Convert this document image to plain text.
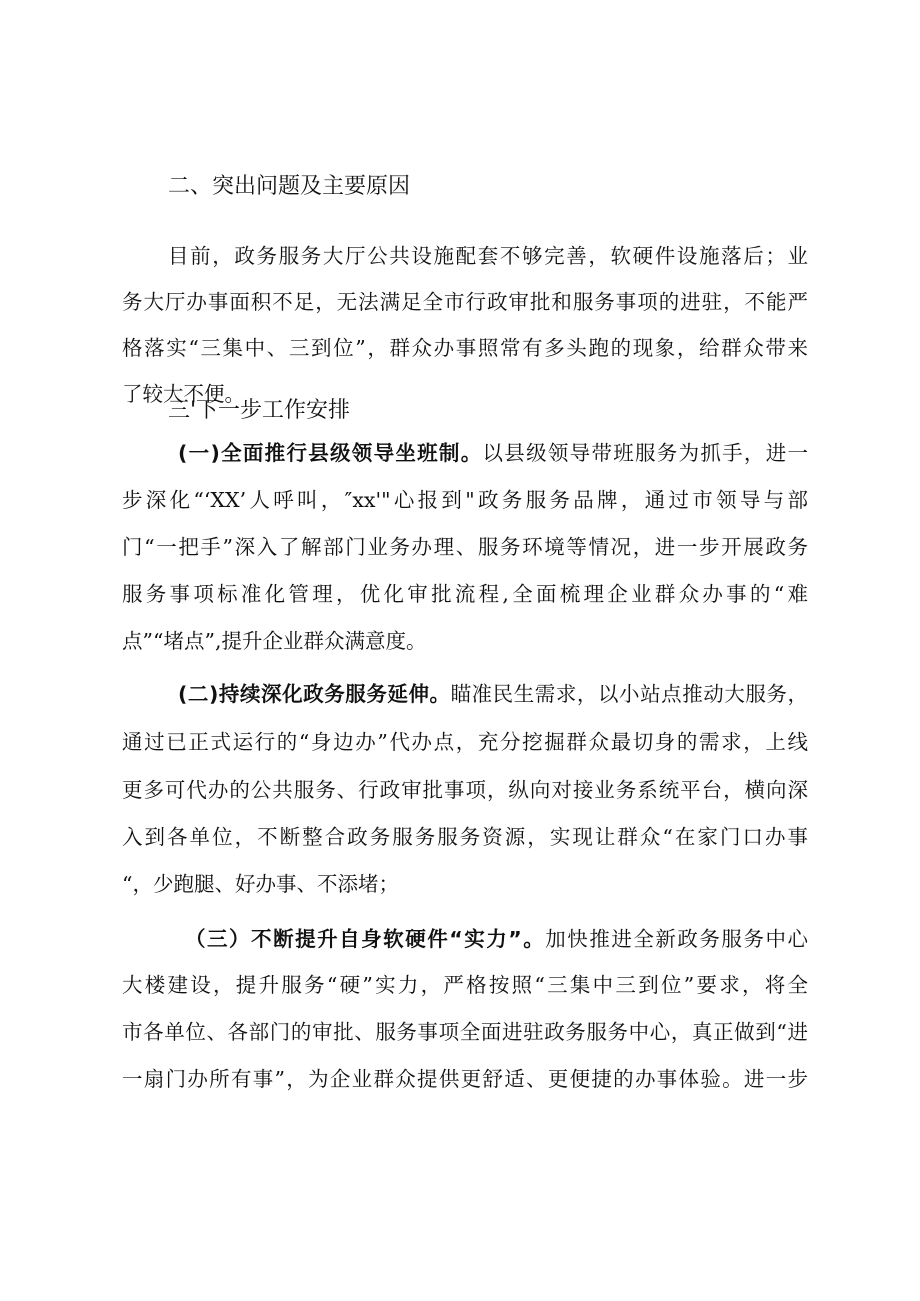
二、突出问题及主要原因
目前，政务服务大厅公共设施配套不够完善，软硬件设施落后；业
务大厅办事面积不足，无法满足全市行政审批和服务事项的进驻，不能严
格落实“三集中、三到位”，群众办事照常有多头跑的现象，给群众带来
了较大不便。
三'下一步工作安排
(一)全面推行县级领导坐班制。以县级领导带班服务为抓手，进一
步深化“‘XX’人呼叫，″xx'"心报到"政务服务品牌，通过市领导与部
门“一把手”深入了解部门业务办理、服务环境等情况，进一步开展政务
服务事项标准化管理，优化审批流程,全面梳理企业群众办事的“难
点”“堵点”,提升企业群众满意度。
(二)持续深化政务服务延伸。瞄准民生需求，以小站点推动大服务，
通过已正式运行的“身边办”代办点，充分挖掘群众最切身的需求，上线
更多可代办的公共服务、行政审批事项，纵向对接业务系统平台，横向深
入到各单位，不断整合政务服务服务资源，实现让群众“在家门口办事
“，少跑腿、好办事、不添堵；
（三）不断提升自身软硬件“实力”。加快推进全新政务服务中心
大楼建设，提升服务“硬”实力，严格按照“三集中三到位”要求，将全
市各单位、各部门的审批、服务事项全面进驻政务服务中心，真正做到“进
一扇门办所有事”，为企业群众提供更舒适、更便捷的办事体验。进一步
